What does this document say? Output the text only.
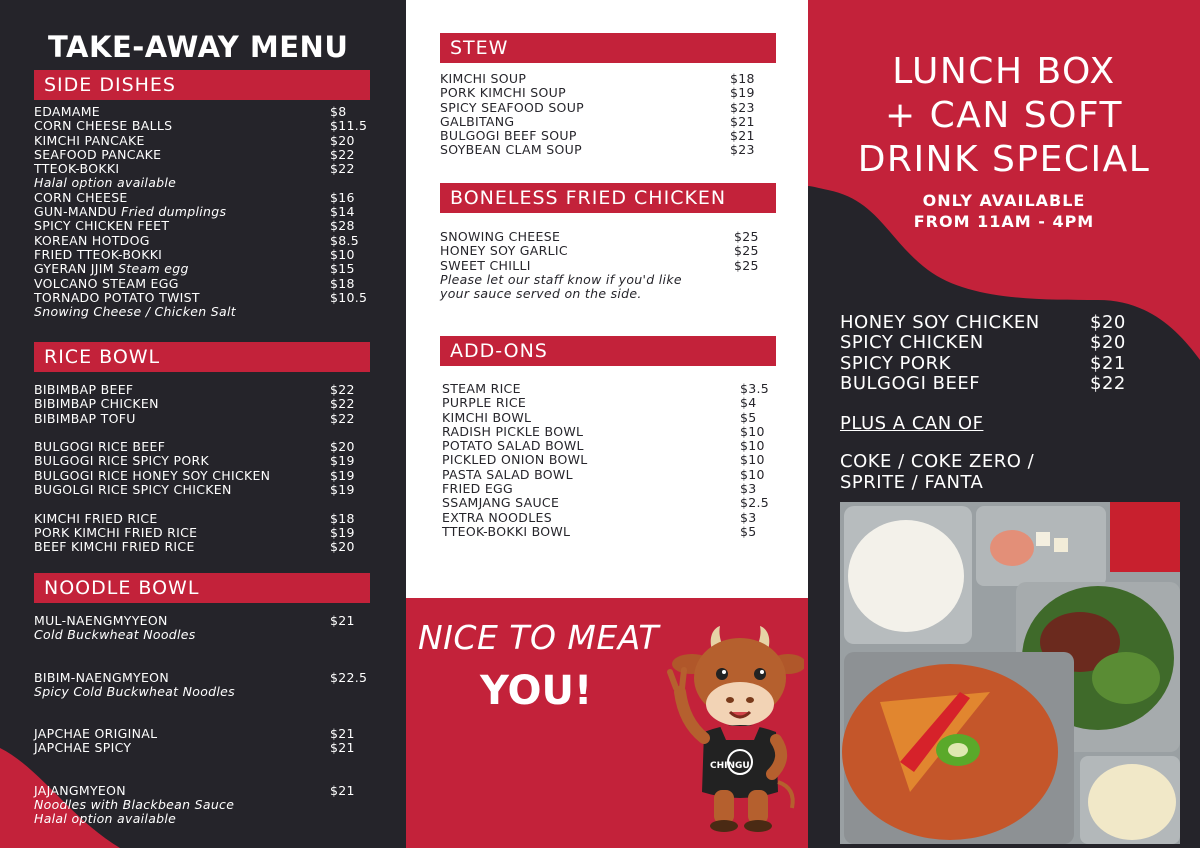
TAKE-AWAY MENU
SIDE DISHES
EDAMAME	$8
CORN CHEESE BALLS	$11.5
KIMCHI PANCAKE	$20
SEAFOOD PANCAKE	$22
TTEOK-BOKKI	$22
Halal option available
CORN CHEESE	$16
GUN-MANDU Fried dumplings	$14
SPICY CHICKEN FEET	$28
KOREAN HOTDOG	$8.5
FRIED TTEOK-BOKKI	$10
GYERAN JJIM Steam egg	$15
VOLCANO STEAM EGG	$18
TORNADO POTATO TWIST	$10.5
Snowing Cheese / Chicken Salt
RICE BOWL
BIBIMBAP BEEF	$22
BIBIMBAP CHICKEN	$22
BIBIMBAP TOFU	$22
BULGOGI RICE BEEF	$20
BULGOGI RICE SPICY PORK	$19
BULGOGI RICE HONEY SOY CHICKEN	$19
BUGOLGI RICE SPICY CHICKEN	$19
KIMCHI FRIED RICE	$18
PORK KIMCHI FRIED RICE	$19
BEEF KIMCHI FRIED RICE	$20
NOODLE BOWL
MUL-NAENGMYYEON	$21
Cold Buckwheat Noodles
BIBIM-NAENGMYEON	$22.5
Spicy Cold Buckwheat Noodles
JAPCHAE ORIGINAL	$21
JAPCHAE SPICY	$21
JAJANGMYEON	$21
Noodles with Blackbean Sauce
Halal option available
STEW
KIMCHI SOUP	$18
PORK KIMCHI SOUP	$19
SPICY SEAFOOD SOUP	$23
GALBITANG	$21
BULGOGI BEEF SOUP	$21
SOYBEAN CLAM SOUP	$23
BONELESS FRIED CHICKEN
SNOWING CHEESE	$25
HONEY SOY GARLIC	$25
SWEET CHILLI	$25
Please let our staff know if you'd like
your sauce served on the side.
ADD-ONS
STEAM RICE	$3.5
PURPLE RICE	$4
KIMCHI BOWL	$5
RADISH PICKLE BOWL	$10
POTATO SALAD BOWL	$10
PICKLED ONION BOWL	$10
PASTA SALAD BOWL	$10
FRIED EGG	$3
SSAMJANG SAUCE	$2.5
EXTRA NOODLES	$3
TTEOK-BOKKI BOWL	$5
NICE TO MEAT
YOU!
CHINGU
LUNCH BOX
+ CAN SOFT
DRINK SPECIAL
ONLY AVAILABLE
FROM 11AM - 4PM
HONEY SOY CHICKEN	$20
SPICY CHICKEN	$20
SPICY PORK	$21
BULGOGI BEEF	$22
PLUS A CAN OF
COKE / COKE ZERO /
SPRITE / FANTA
